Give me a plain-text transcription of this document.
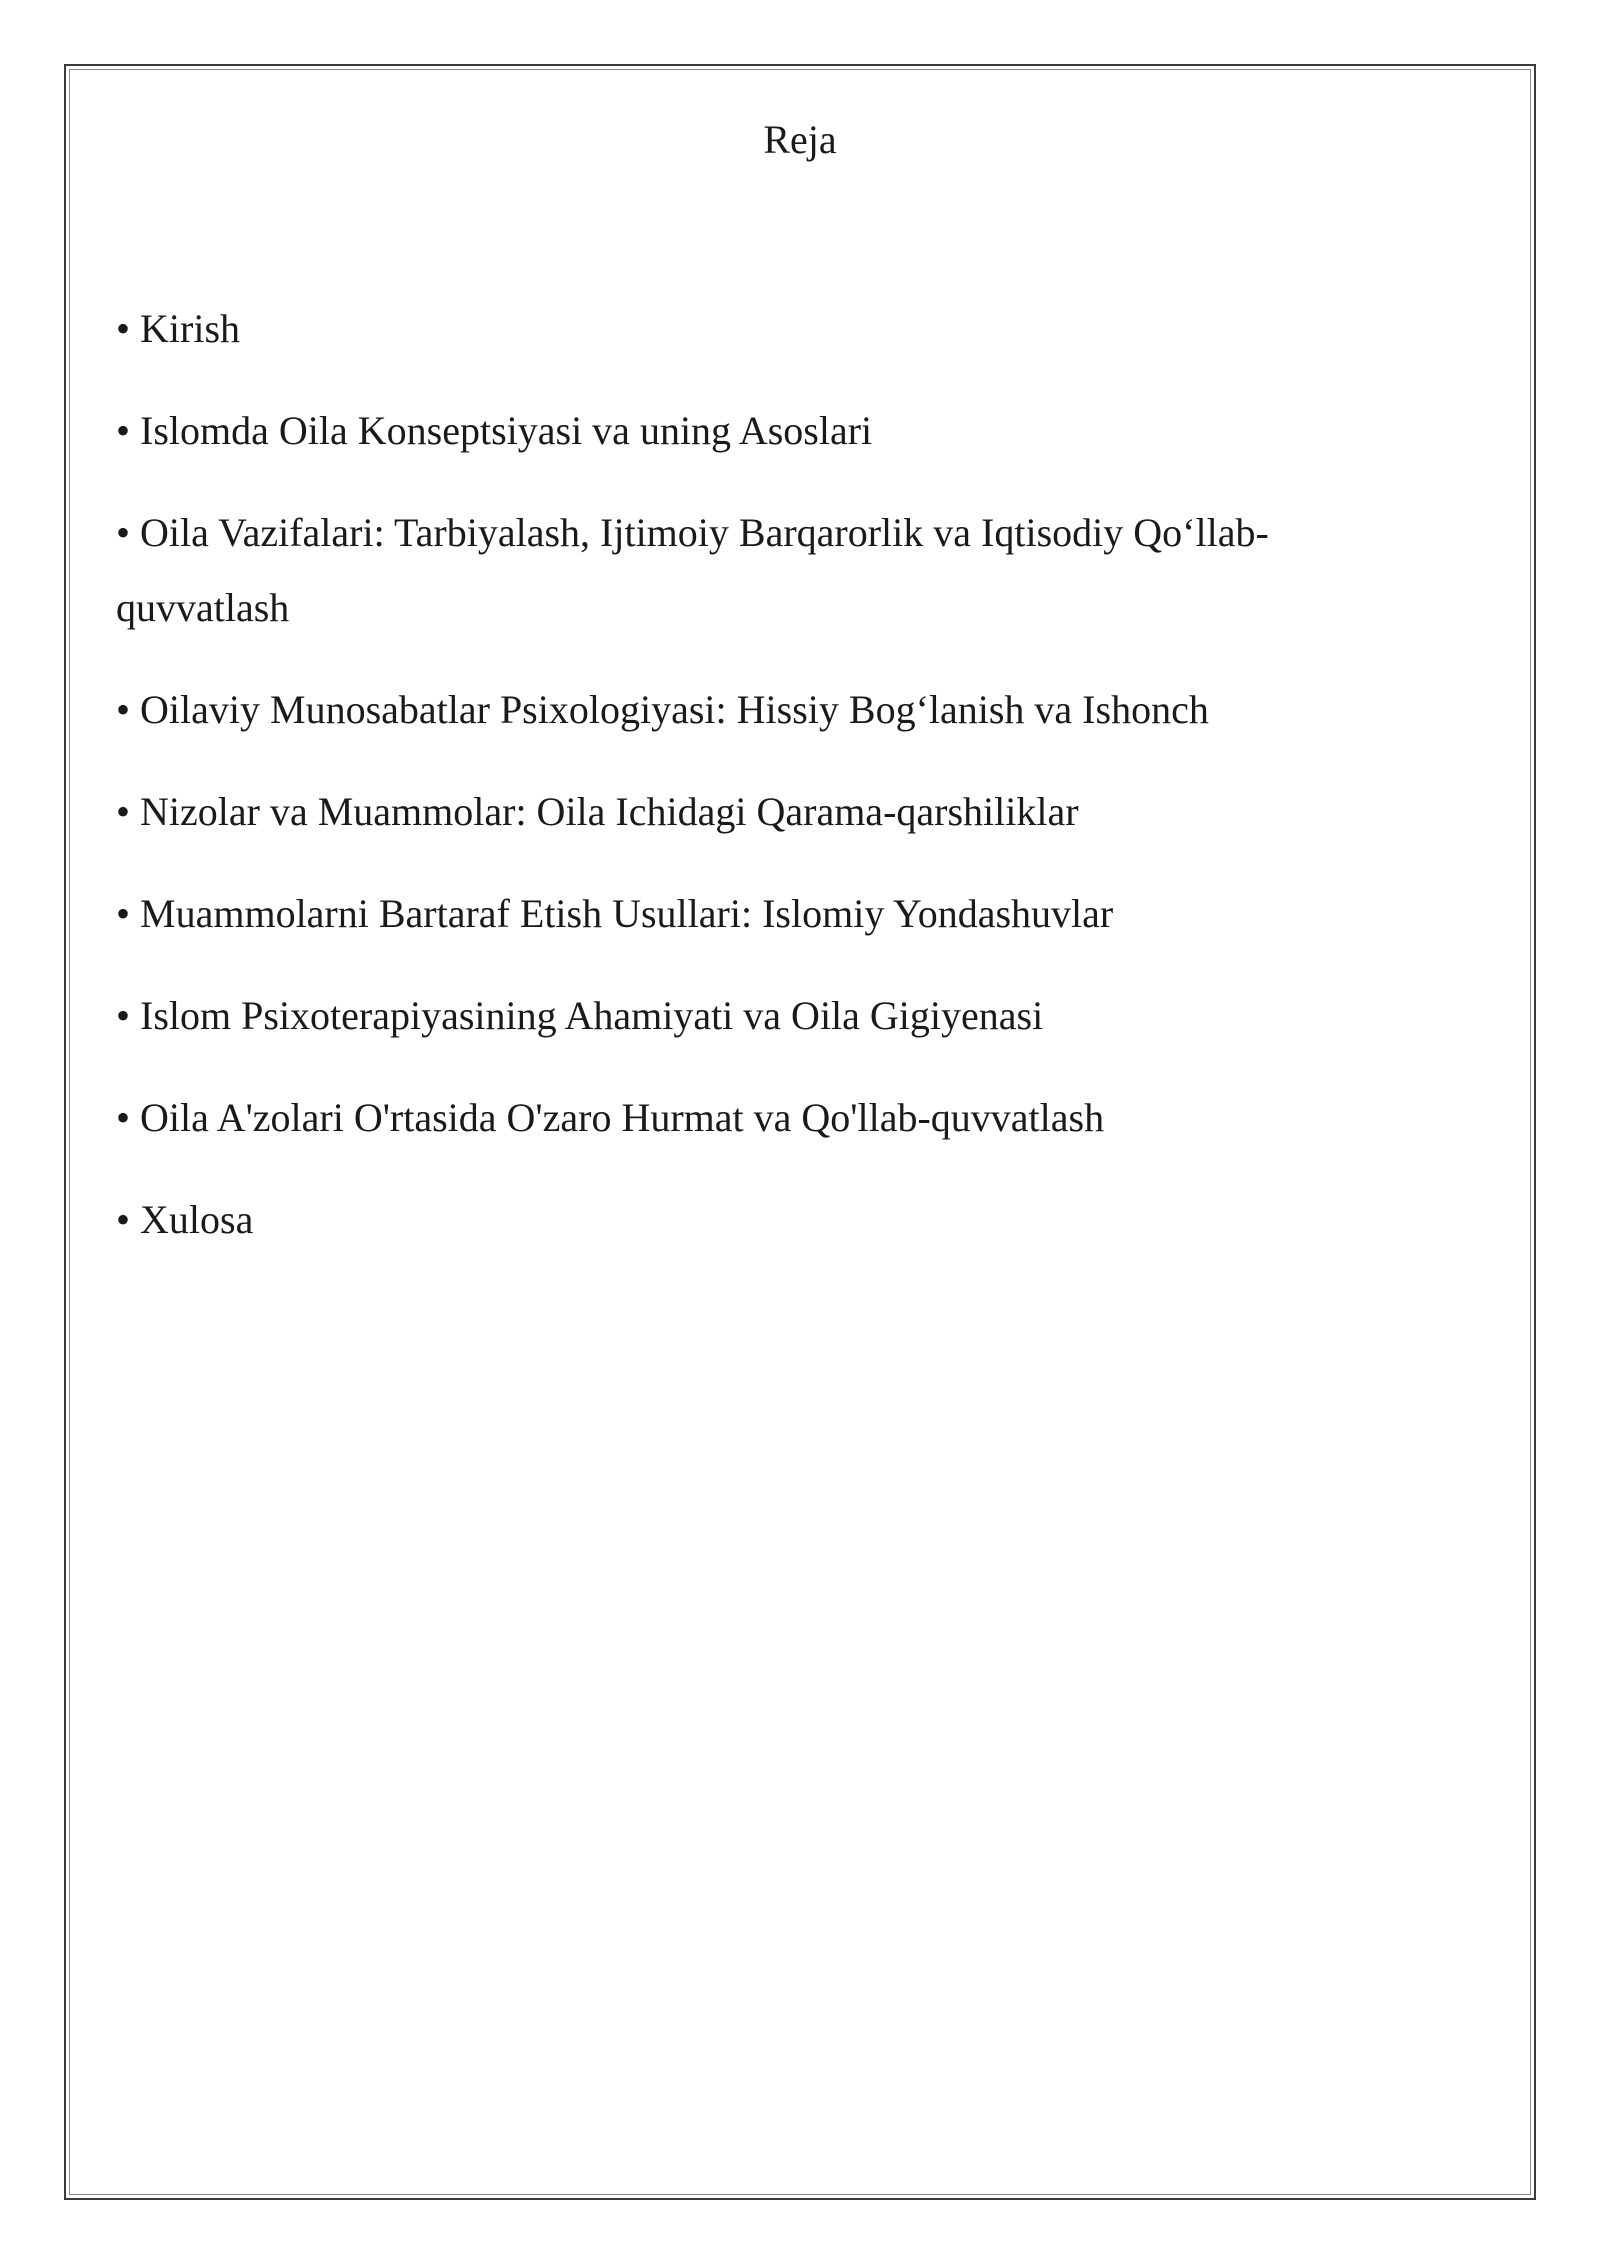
Reja
• Kirish
• Islomda Oila Konseptsiyasi va uning Asoslari
• Oila Vazifalari: Tarbiyalash, Ijtimoiy Barqarorlik va Iqtisodiy Qo‘llab-quvvatlash
• Oilaviy Munosabatlar Psixologiyasi: Hissiy Bog‘lanish va Ishonch
• Nizolar va Muammolar: Oila Ichidagi Qarama-qarshiliklar
• Muammolarni Bartaraf Etish Usullari: Islomiy Yondashuvlar
• Islom Psixoterapiyasining Ahamiyati va Oila Gigiyenasi
• Oila A'zolari O'rtasida O'zaro Hurmat va Qo'llab-quvvatlash
• Xulosa
